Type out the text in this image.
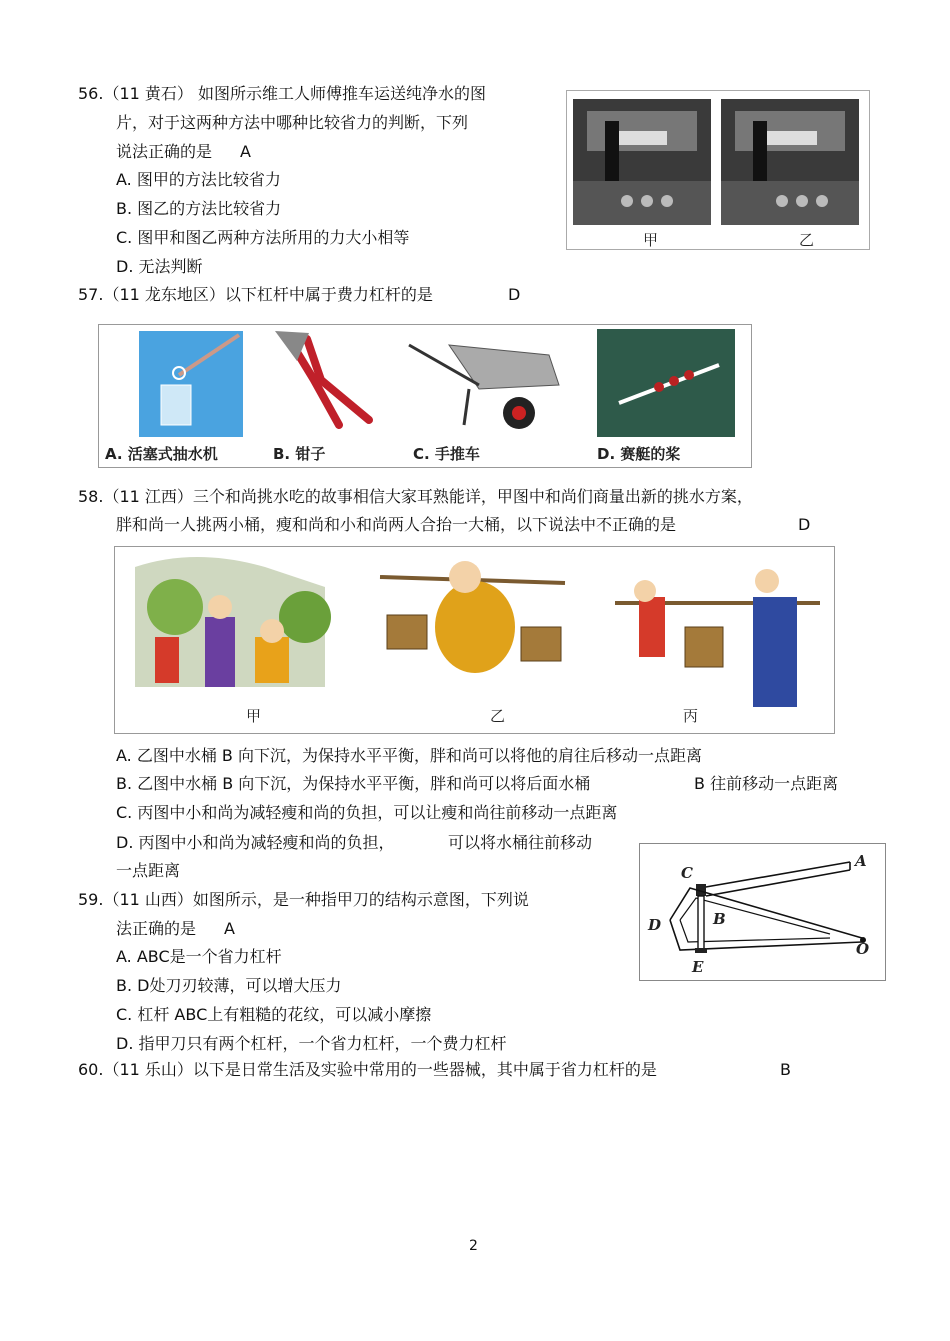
56.（11 黄石） 如图所示维工人师傅推车运送纯净水的图
片，对于这两种方法中哪种比较省力的判断，下列
说法正确的是 A
A. 图甲的方法比较省力
B. 图乙的方法比较省力
C. 图甲和图乙两种方法所用的力大小相等
D. 无法判断
甲	乙
57.（11 龙东地区）以下杠杆中属于费力杠杆的是	D
A. 活塞式抽水机	B. 钳子	C. 手推车	D. 赛艇的桨
58.（11 江西）三个和尚挑水吃的故事相信大家耳熟能详，甲图中和尚们商量出新的挑水方案，
胖和尚一人挑两小桶，瘦和尚和小和尚两人合抬一大桶，以下说法中不正确的是	D
甲	乙	丙
A. 乙图中水桶 B 向下沉，为保持水平平衡，胖和尚可以将他的肩往后移动一点距离
B. 乙图中水桶 B 向下沉，为保持水平平衡，胖和尚可以将后面水桶	B 往前移动一点距离
C. 丙图中小和尚为减轻瘦和尚的负担，可以让瘦和尚往前移动一点距离
D. 丙图中小和尚为减轻瘦和尚的负担，	可以将水桶往前移动
一点距离
59.（11 山西）如图所示，是一种指甲刀的结构示意图，下列说
法正确的是 A
A. ABC是一个省力杠杆
B. D处刀刃较薄，可以增大压力
C. 杠杆 ABC上有粗糙的花纹，可以减小摩擦
D. 指甲刀只有两个杠杆，一个省力杠杆，一个费力杠杆
C
A
B
D
E
O
60.（11 乐山）以下是日常生活及实验中常用的一些器械，其中属于省力杠杆的是	B
2
